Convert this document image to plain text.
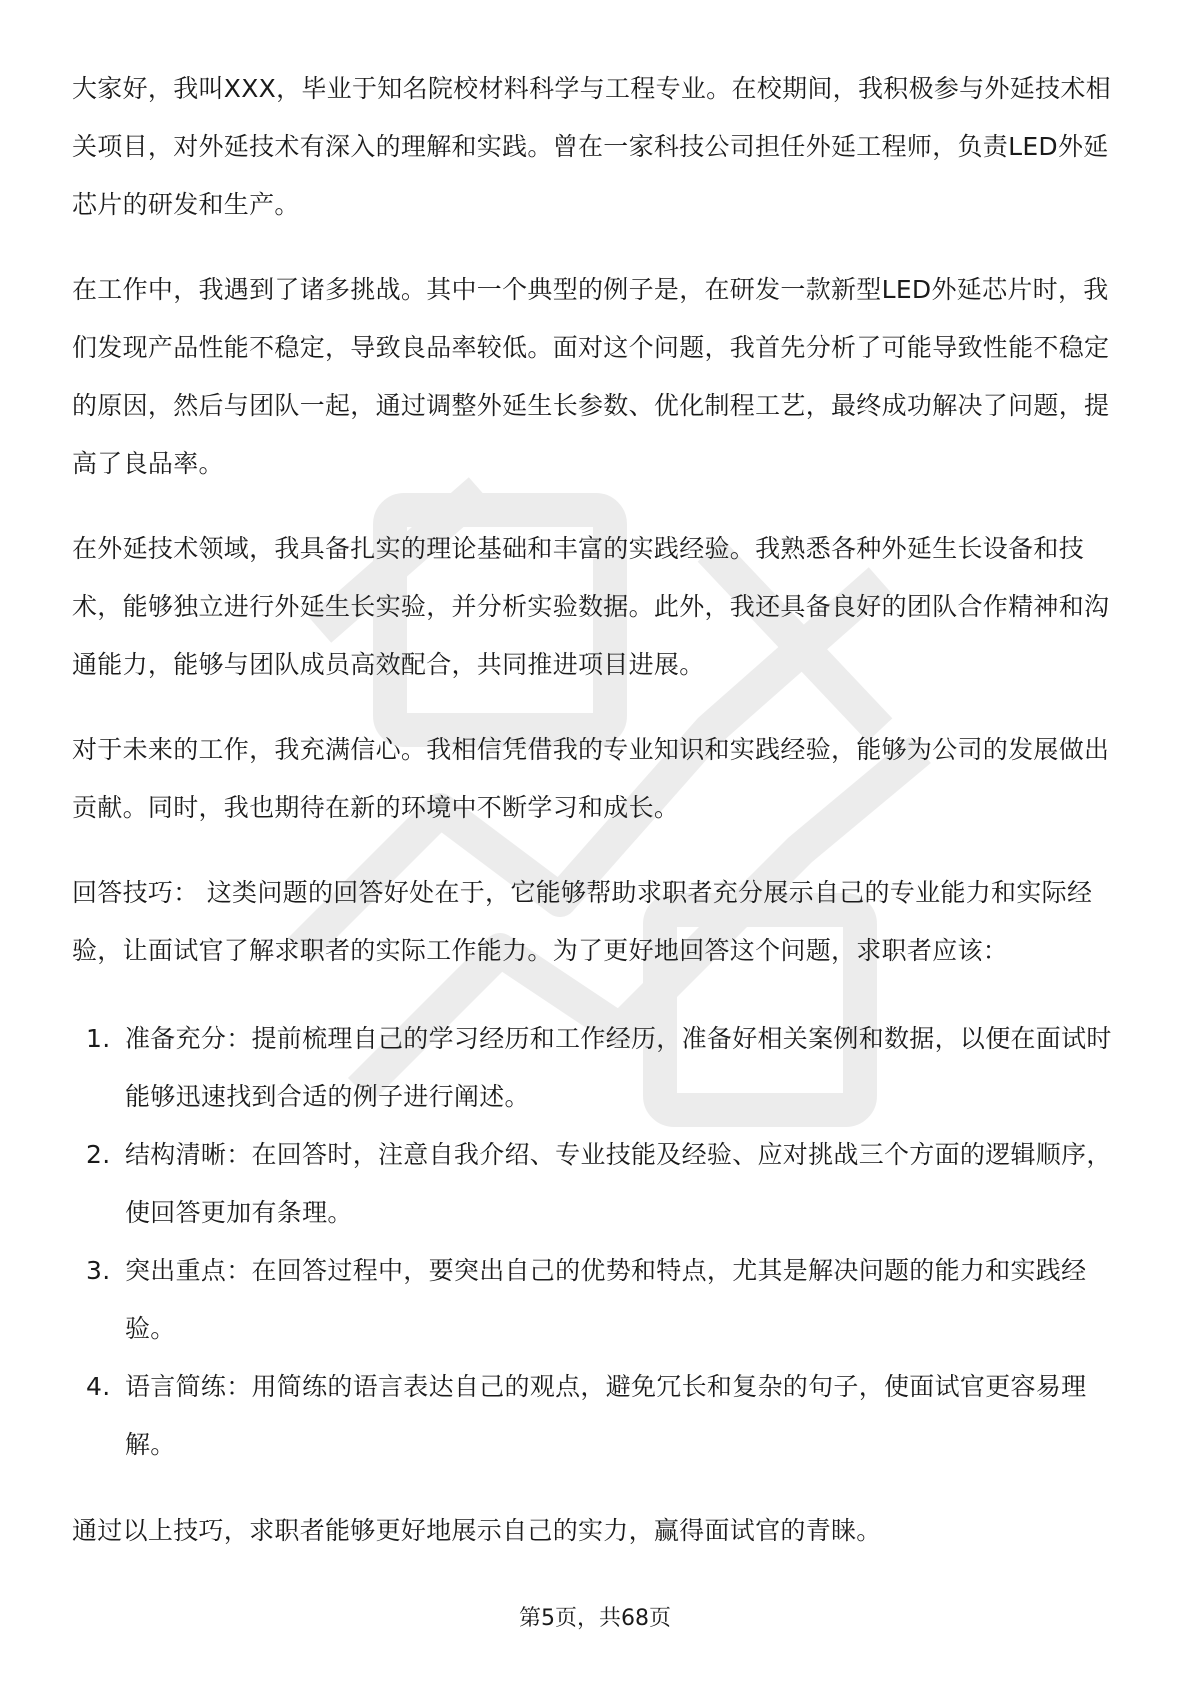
大家好，我叫XXX，毕业于知名院校材料科学与工程专业。在校期间，我积极参与外延技术相关项目，对外延技术有深入的理解和实践。曾在一家科技公司担任外延工程师，负责LED外延芯片的研发和生产。

在工作中，我遇到了诸多挑战。其中一个典型的例子是，在研发一款新型LED外延芯片时，我们发现产品性能不稳定，导致良品率较低。面对这个问题，我首先分析了可能导致性能不稳定的原因，然后与团队一起，通过调整外延生长参数、优化制程工艺，最终成功解决了问题，提高了良品率。

在外延技术领域，我具备扎实的理论基础和丰富的实践经验。我熟悉各种外延生长设备和技术，能够独立进行外延生长实验，并分析实验数据。此外，我还具备良好的团队合作精神和沟通能力，能够与团队成员高效配合，共同推进项目进展。

对于未来的工作，我充满信心。我相信凭借我的专业知识和实践经验，能够为公司的发展做出贡献。同时，我也期待在新的环境中不断学习和成长。

回答技巧： 这类问题的回答好处在于，它能够帮助求职者充分展示自己的专业能力和实际经验，让面试官了解求职者的实际工作能力。为了更好地回答这个问题，求职者应该：

1. 准备充分：提前梳理自己的学习经历和工作经历，准备好相关案例和数据，以便在面试时能够迅速找到合适的例子进行阐述。
2. 结构清晰：在回答时，注意自我介绍、专业技能及经验、应对挑战三个方面的逻辑顺序，使回答更加有条理。
3. 突出重点：在回答过程中，要突出自己的优势和特点，尤其是解决问题的能力和实践经验。
4. 语言简练：用简练的语言表达自己的观点，避免冗长和复杂的句子，使面试官更容易理解。

通过以上技巧，求职者能够更好地展示自己的实力，赢得面试官的青睐。

第5页，共68页
